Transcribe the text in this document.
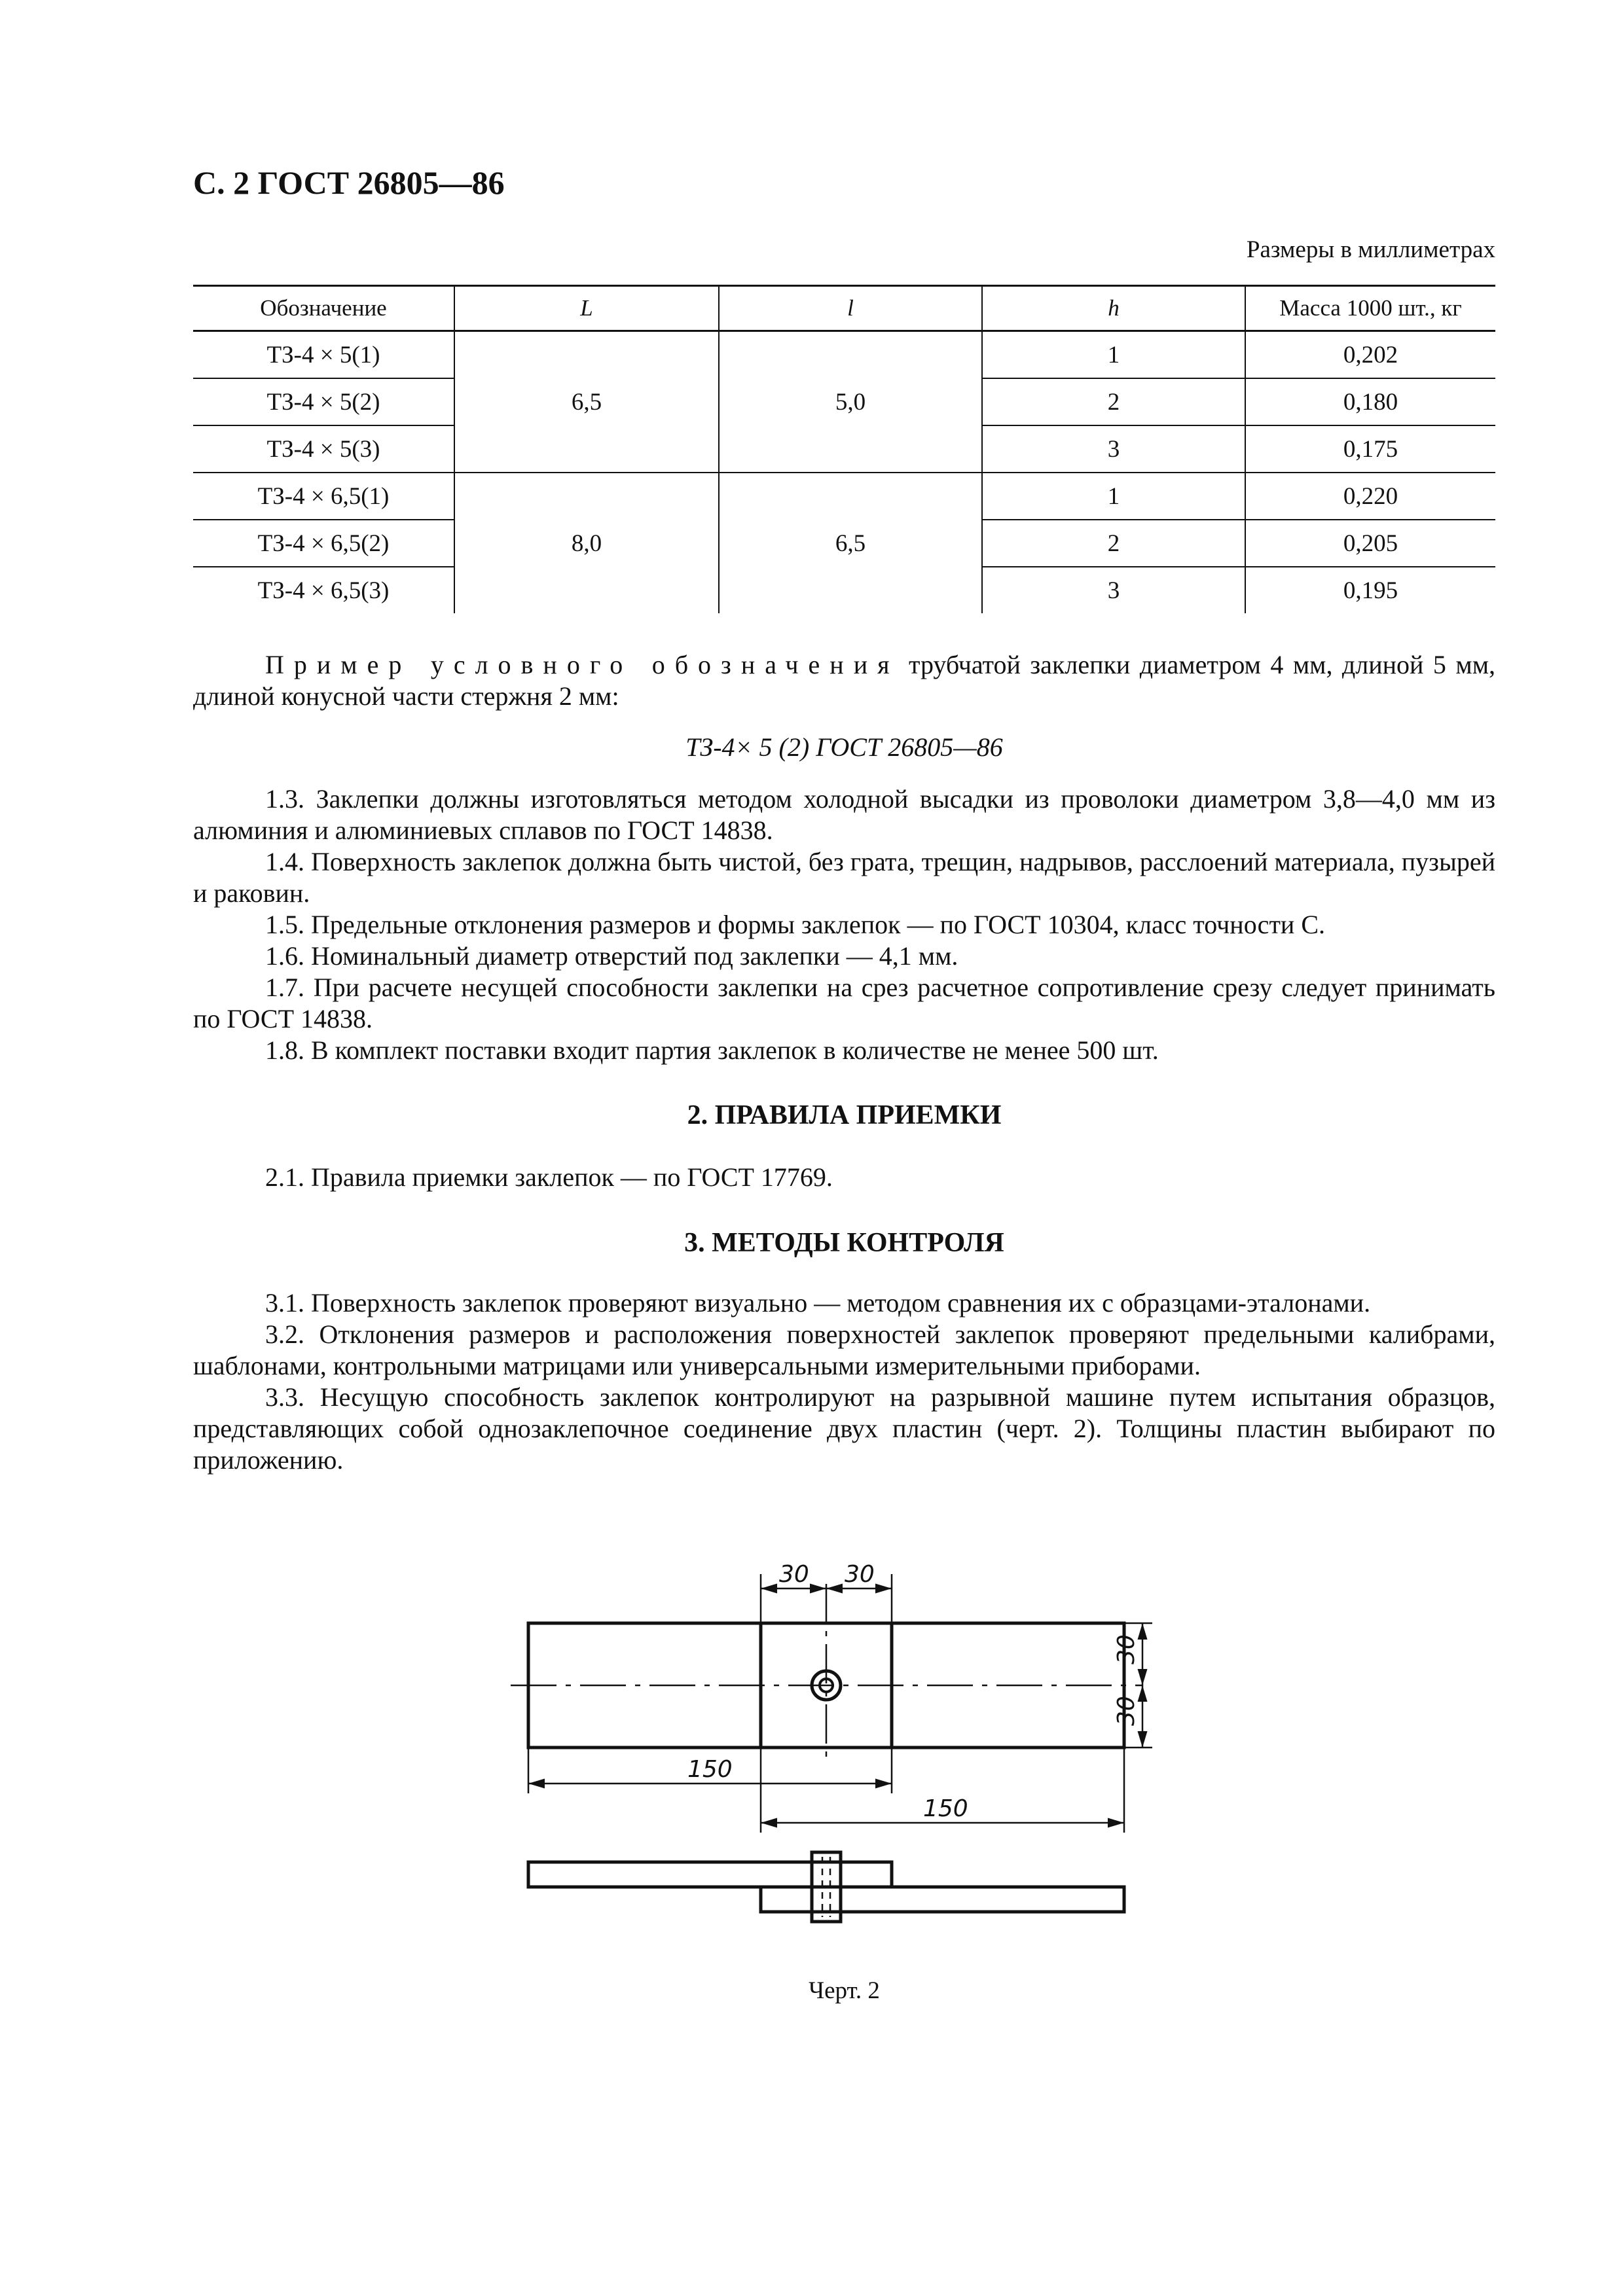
С. 2 ГОСТ 26805—86
Размеры в миллиметрах
Обозначение	L	l	h	Масса 1000 шт., кг
ТЗ-4 × 5(1)	6,5	5,0	1	0,202
ТЗ-4 × 5(2)			2	0,180
ТЗ-4 × 5(3)			3	0,175
ТЗ-4 × 6,5(1)	8,0	6,5	1	0,220
ТЗ-4 × 6,5(2)			2	0,205
ТЗ-4 × 6,5(3)			3	0,195
Пример условного обозначения трубчатой заклепки диаметром 4 мм, длиной 5 мм, длиной конусной части стержня 2 мм:
ТЗ-4× 5 (2) ГОСТ 26805—86
1.3. Заклепки должны изготовляться методом холодной высадки из проволоки диаметром 3,8—4,0 мм из алюминия и алюминиевых сплавов по ГОСТ 14838.
1.4. Поверхность заклепок должна быть чистой, без грата, трещин, надрывов, расслоений материала, пузырей и раковин.
1.5. Предельные отклонения размеров и формы заклепок — по ГОСТ 10304, класс точности С.
1.6. Номинальный диаметр отверстий под заклепки — 4,1 мм.
1.7. При расчете несущей способности заклепки на срез расчетное сопротивление срезу следует принимать по ГОСТ 14838.
1.8. В комплект поставки входит партия заклепок в количестве не менее 500 шт.
2. ПРАВИЛА ПРИЕМКИ
2.1. Правила приемки заклепок — по ГОСТ 17769.
3. МЕТОДЫ КОНТРОЛЯ
3.1. Поверхность заклепок проверяют визуально — методом сравнения их с образцами-эталонами.
3.2. Отклонения размеров и расположения поверхностей заклепок проверяют предельными калибрами, шаблонами, контрольными матрицами или универсальными измерительными приборами.
3.3. Несущую способность заклепок контролируют на разрывной машине путем испытания образцов, представляющих собой однозаклепочное соединение двух пластин (черт. 2). Толщины пластин выбирают по приложению.
30 30
30
30
150
150
Черт. 2
